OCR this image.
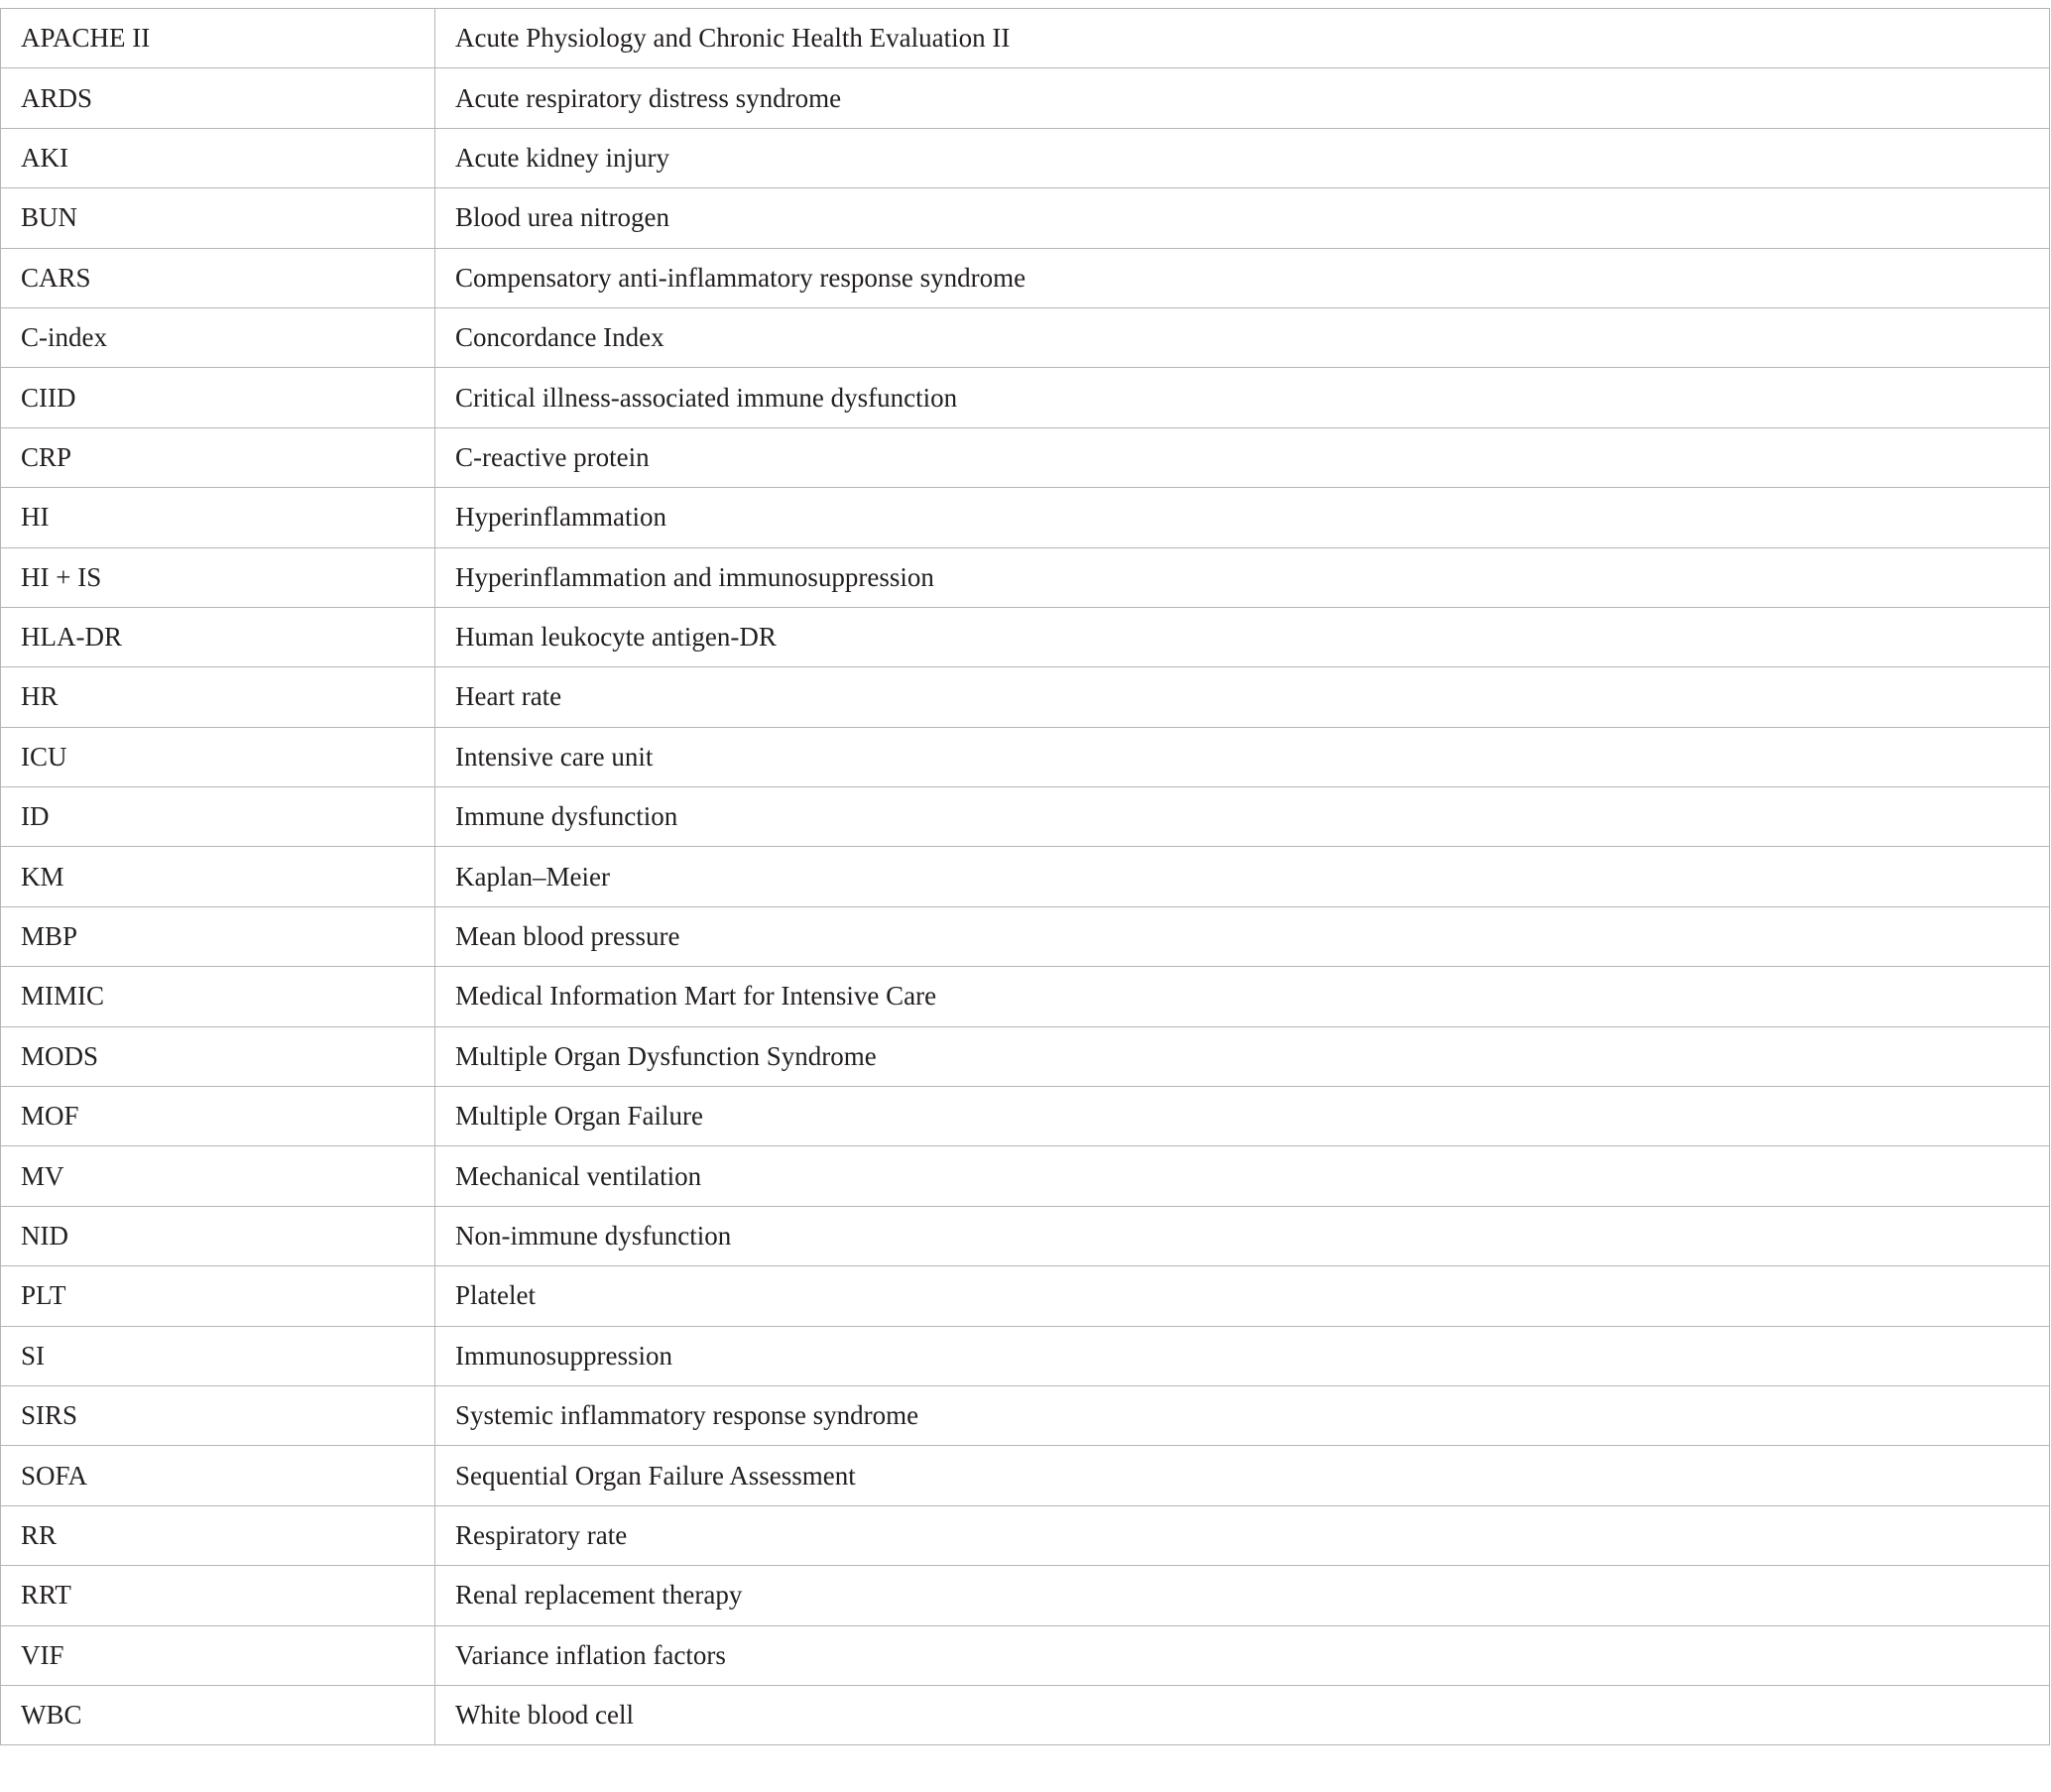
APACHE II	Acute Physiology and Chronic Health Evaluation II
ARDS	Acute respiratory distress syndrome
AKI	Acute kidney injury
BUN	Blood urea nitrogen
CARS	Compensatory anti-inflammatory response syndrome
C-index	Concordance Index
CIID	Critical illness-associated immune dysfunction
CRP	C-reactive protein
HI	Hyperinflammation
HI + IS	Hyperinflammation and immunosuppression
HLA-DR	Human leukocyte antigen-DR
HR	Heart rate
ICU	Intensive care unit
ID	Immune dysfunction
KM	Kaplan–Meier
MBP	Mean blood pressure
MIMIC	Medical Information Mart for Intensive Care
MODS	Multiple Organ Dysfunction Syndrome
MOF	Multiple Organ Failure
MV	Mechanical ventilation
NID	Non-immune dysfunction
PLT	Platelet
SI	Immunosuppression
SIRS	Systemic inflammatory response syndrome
SOFA	Sequential Organ Failure Assessment
RR	Respiratory rate
RRT	Renal replacement therapy
VIF	Variance inflation factors
WBC	White blood cell
